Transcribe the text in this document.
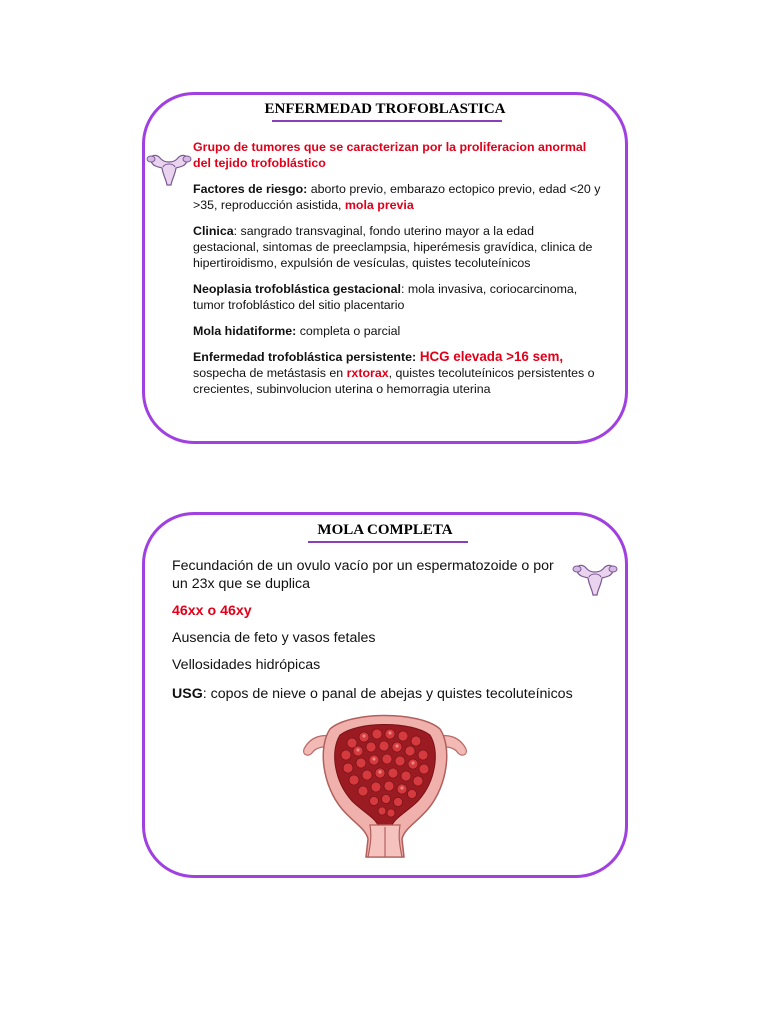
ENFERMEDAD TROFOBLASTICA

Grupo de tumores que se caracterizan por la proliferacion anormal del tejido trofoblástico

Factores de riesgo: aborto previo, embarazo ectopico previo, edad <20 y >35, reproducción asistida, mola previa

Clinica: sangrado transvaginal, fondo uterino mayor a la edad gestacional, sintomas de preeclampsia, hiperémesis gravídica, clinica de hipertiroidismo, expulsión de vesículas, quistes tecoluteínicos

Neoplasia trofoblástica gestacional: mola invasiva, coriocarcinoma, tumor trofoblástico del sitio placentario

Mola hidatiforme: completa o parcial

Enfermedad trofoblástica persistente: HCG elevada >16 sem, sospecha de metástasis en rxtorax, quistes tecoluteínicos persistentes o crecientes, subinvolucion uterina o hemorragia uterina

MOLA COMPLETA

Fecundación de un ovulo vacío por un espermatozoide o por un 23x que se duplica

46xx o 46xy

Ausencia de feto y vasos fetales

Vellosidades hidrópicas

USG: copos de nieve o panal de abejas y quistes tecoluteínicos
